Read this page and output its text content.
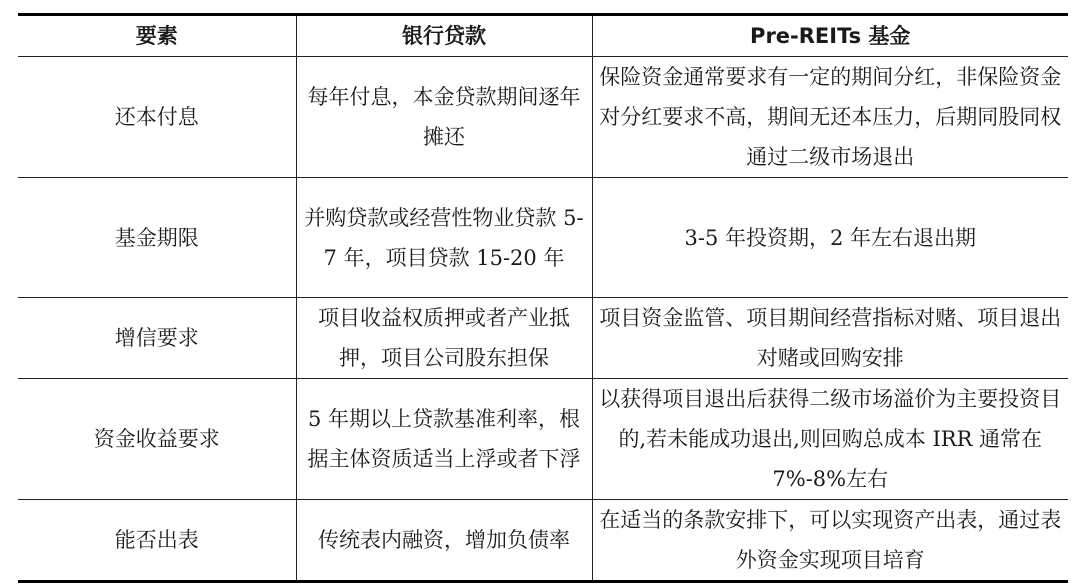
要素	银行贷款	Pre-REITs 基金
还本付息	每年付息，本金贷款期间逐年摊还	保险资金通常要求有一定的期间分红，非保险资金对分红要求不高，期间无还本压力，后期同股同权通过二级市场退出
基金期限	并购贷款或经营性物业贷款 5-7 年，项目贷款 15-20 年	3-5 年投资期，2 年左右退出期
增信要求	项目收益权质押或者产业抵押，项目公司股东担保	项目资金监管、项目期间经营指标对赌、项目退出对赌或回购安排
资金收益要求	5 年期以上贷款基准利率，根据主体资质适当上浮或者下浮	以获得项目退出后获得二级市场溢价为主要投资目的,若未能成功退出,则回购总成本 IRR 通常在 7%-8%左右
能否出表	传统表内融资，增加负债率	在适当的条款安排下，可以实现资产出表，通过表外资金实现项目培育
